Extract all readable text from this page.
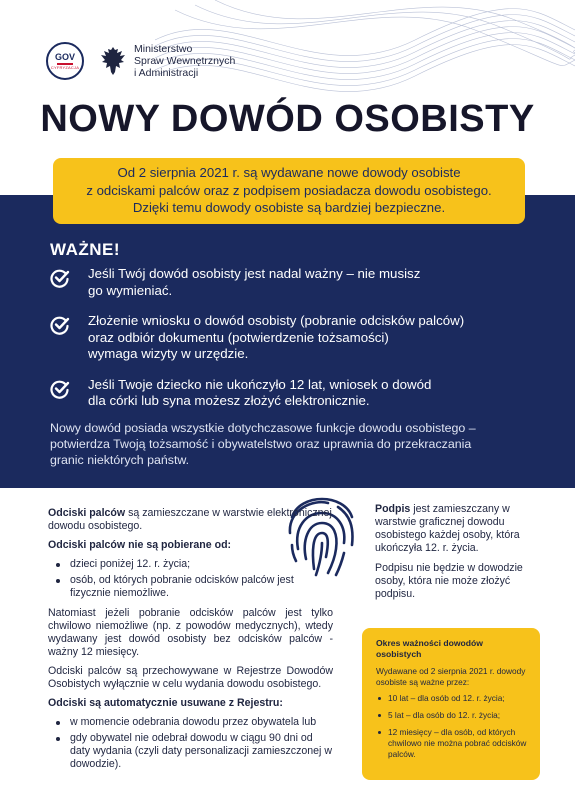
GOV
CYFRYZACJA
Ministerstwo
Spraw Wewnętrznych
i Administracji
NOWY DOWÓD OSOBISTY
Od 2 sierpnia 2021 r. są wydawane nowe dowody osobiste
z odciskami palców oraz z podpisem posiadacza dowodu osobistego.
Dzięki temu dowody osobiste są bardziej bezpieczne.
WAŻNE!
Jeśli Twój dowód osobisty jest nadal ważny – nie musisz
go wymieniać.
Złożenie wniosku o dowód osobisty (pobranie odcisków palców)
oraz odbiór dokumentu (potwierdzenie tożsamości)
wymaga wizyty w urzędzie.
Jeśli Twoje dziecko nie ukończyło 12 lat, wniosek o dowód
dla córki lub syna możesz złożyć elektronicznie.
Nowy dowód posiada wszystkie dotychczasowe funkcje dowodu osobistego –
potwierdza Twoją tożsamość i obywatelstwo oraz uprawnia do przekraczania
granic niektórych państw.

Odciski palców są zamieszczane w warstwie elektronicznej dowodu osobistego.

Odciski palców nie są pobierane od:

dzieci poniżej 12. r. życia;
osób, od których pobranie odcisków palców jest fizycznie niemożliwe.

Natomiast jeżeli pobranie odcisków palców jest tylko chwilowo niemożliwe (np. z powodów medycznych), wtedy wydawany jest dowód osobisty bez odcisków palców - ważny 12 miesięcy.

Odciski palców są przechowywane w Rejestrze Dowodów Osobistych wyłącznie w celu wydania dowodu osobistego.

Odciski są automatycznie usuwane z Rejestru:

w momencie odebrania dowodu przez obywatela lub
gdy obywatel nie odebrał dowodu w ciągu 90 dni od daty wydania (czyli daty personalizacji zamieszczonej w dowodzie).

Podpis jest zamieszczany w warstwie graficznej dowodu osobistego każdej osoby, która ukończyła 12. r. życia.

Podpisu nie będzie w dowodzie osoby, która nie może złożyć podpisu.

Okres ważności dowodów osobistych
Wydawane od 2 sierpnia 2021 r. dowody osobiste są ważne przez:
10 lat – dla osób od 12. r. życia;
5 lat – dla osób do 12. r. życia;
12 miesięcy – dla osób, od których chwilowo nie można pobrać odcisków palców.
